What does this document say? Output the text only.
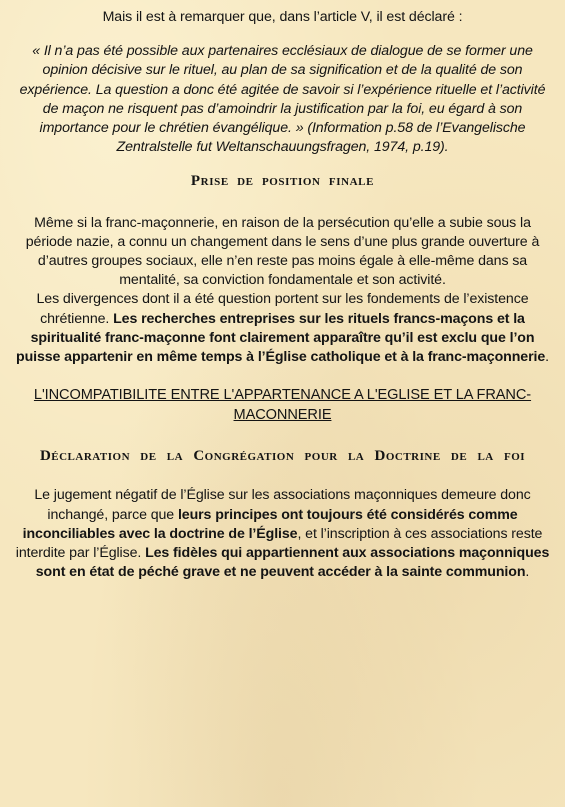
Mais il est à remarquer que, dans l’article V, il est déclaré :

« Il n’a pas été possible aux partenaires ecclésiaux de dialogue de se former une opinion décisive sur le rituel, au plan de sa signification et de la qualité de son expérience. La question a donc été agitée de savoir si l’expérience rituelle et l’activité de maçon ne risquent pas d’amoindrir la justification par la foi, eu égard à son importance pour le chrétien évangélique. » (Information p.58 de l’Evangelische Zentralstelle fut Weltanschauungsfragen, 1974, p.19).

Prise de position finale

Même si la franc-maçonnerie, en raison de la persécution qu’elle a subie sous la période nazie, a connu un changement dans le sens d’une plus grande ouverture à d’autres groupes sociaux, elle n’en reste pas moins égale à elle-même dans sa mentalité, sa conviction fondamentale et son activité.

Les divergences dont il a été question portent sur les fondements de l’existence chrétienne. Les recherches entreprises sur les rituels francs-maçons et la spiritualité franc-maçonne font clairement apparaître qu’il est exclu que l’on puisse appartenir en même temps à l’Église catholique et à la franc-maçonnerie.

L'INCOMPATIBILITE ENTRE L'APPARTENANCE A L'EGLISE ET LA FRANC-MACONNERIE

Déclaration de la Congrégation pour la Doctrine de la foi

Le jugement négatif de l’Église sur les associations maçonniques demeure donc inchangé, parce que leurs principes ont toujours été considérés comme inconciliables avec la doctrine de l’Église, et l’inscription à ces associations reste interdite par l’Église. Les fidèles qui appartiennent aux associations maçonniques sont en état de péché grave et ne peuvent accéder à la sainte communion.
